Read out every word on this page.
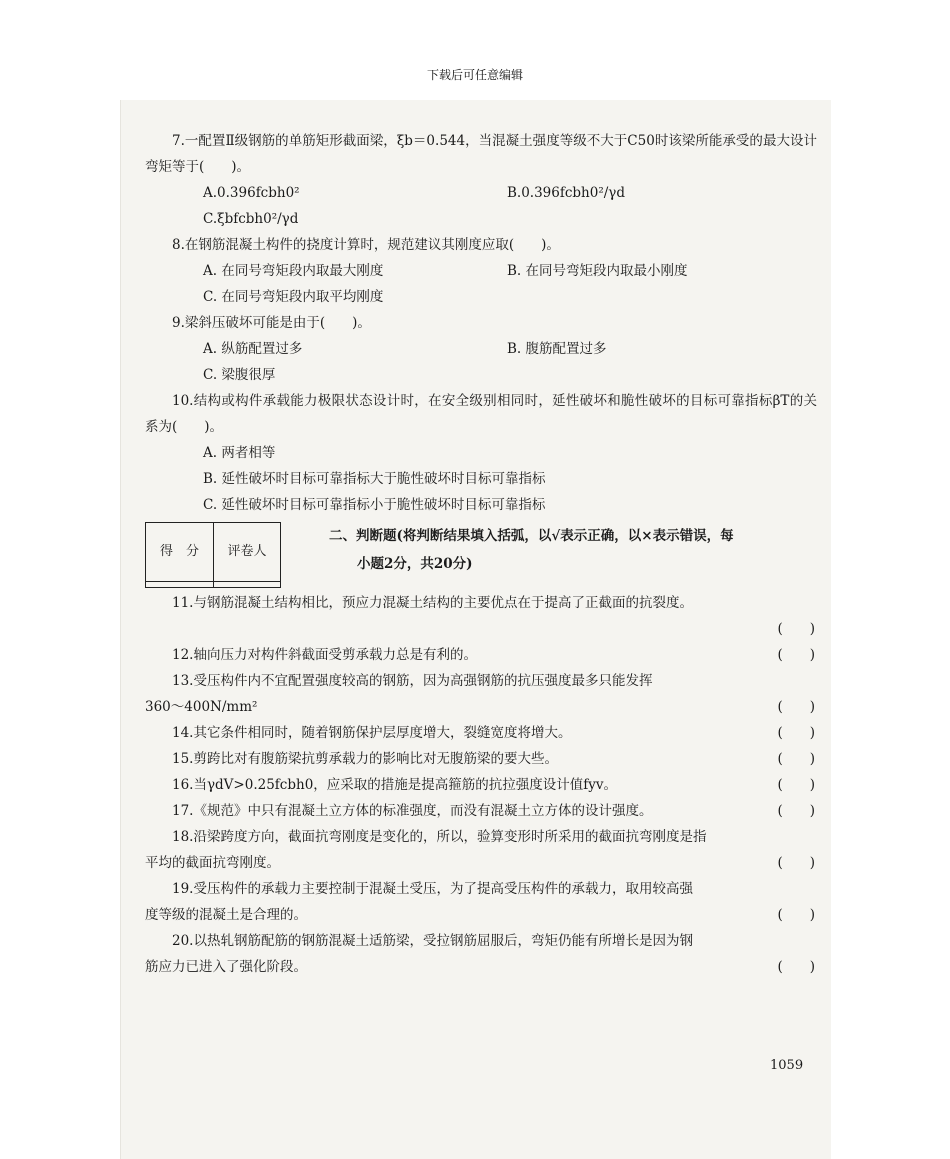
下载后可任意编辑

7.一配置Ⅱ级钢筋的单筋矩形截面梁，ξb＝0.544，当混凝土强度等级不大于C50时该梁所能承受的最大设计弯矩等于(　　)。

A.0.396fcbh0²	B.0.396fcbh0²/γd
C.ξbfcbh0²/γd

8.在钢筋混凝土构件的挠度计算时，规范建议其刚度应取(　　)。

A. 在同号弯矩段内取最大刚度	B. 在同号弯矩段内取最小刚度
C. 在同号弯矩段内取平均刚度

9.梁斜压破坏可能是由于(　　)。

A. 纵筋配置过多	B. 腹筋配置过多
C. 梁腹很厚

10.结构或构件承载能力极限状态设计时，在安全级别相同时，延性破坏和脆性破坏的目标可靠指标βT的关系为(　　)。

A. 两者相等
B. 延性破坏时目标可靠指标大于脆性破坏时目标可靠指标
C. 延性破坏时目标可靠指标小于脆性破坏时目标可靠指标
得　分	评卷人

二、判断题(将判断结果填入括弧，以√表示正确，以×表示错误，每
小题2分，共20分)
11.与钢筋混凝土结构相比，预应力混凝土结构的主要优点在于提高了正截面的抗裂度。
(　　)
12.轴向压力对构件斜截面受剪承载力总是有利的。	(　　)
13.受压构件内不宜配置强度较高的钢筋，因为高强钢筋的抗压强度最多只能发挥
360～400N/mm²	(　　)
14.其它条件相同时，随着钢筋保护层厚度增大，裂缝宽度将增大。	(　　)
15.剪跨比对有腹筋梁抗剪承载力的影响比对无腹筋梁的要大些。	(　　)
16.当γdV>0.25fcbh0，应采取的措施是提高箍筋的抗拉强度设计值fyv。	(　　)
17.《规范》中只有混凝土立方体的标准强度，而没有混凝土立方体的设计强度。	(　　)
18.沿梁跨度方向，截面抗弯刚度是变化的，所以，验算变形时所采用的截面抗弯刚度是指
平均的截面抗弯刚度。	(　　)
19.受压构件的承载力主要控制于混凝土受压，为了提高受压构件的承载力，取用较高强
度等级的混凝土是合理的。	(　　)
20.以热轧钢筋配筋的钢筋混凝土适筋梁，受拉钢筋屈服后，弯矩仍能有所增长是因为钢
筋应力已进入了强化阶段。	(　　)
1059
